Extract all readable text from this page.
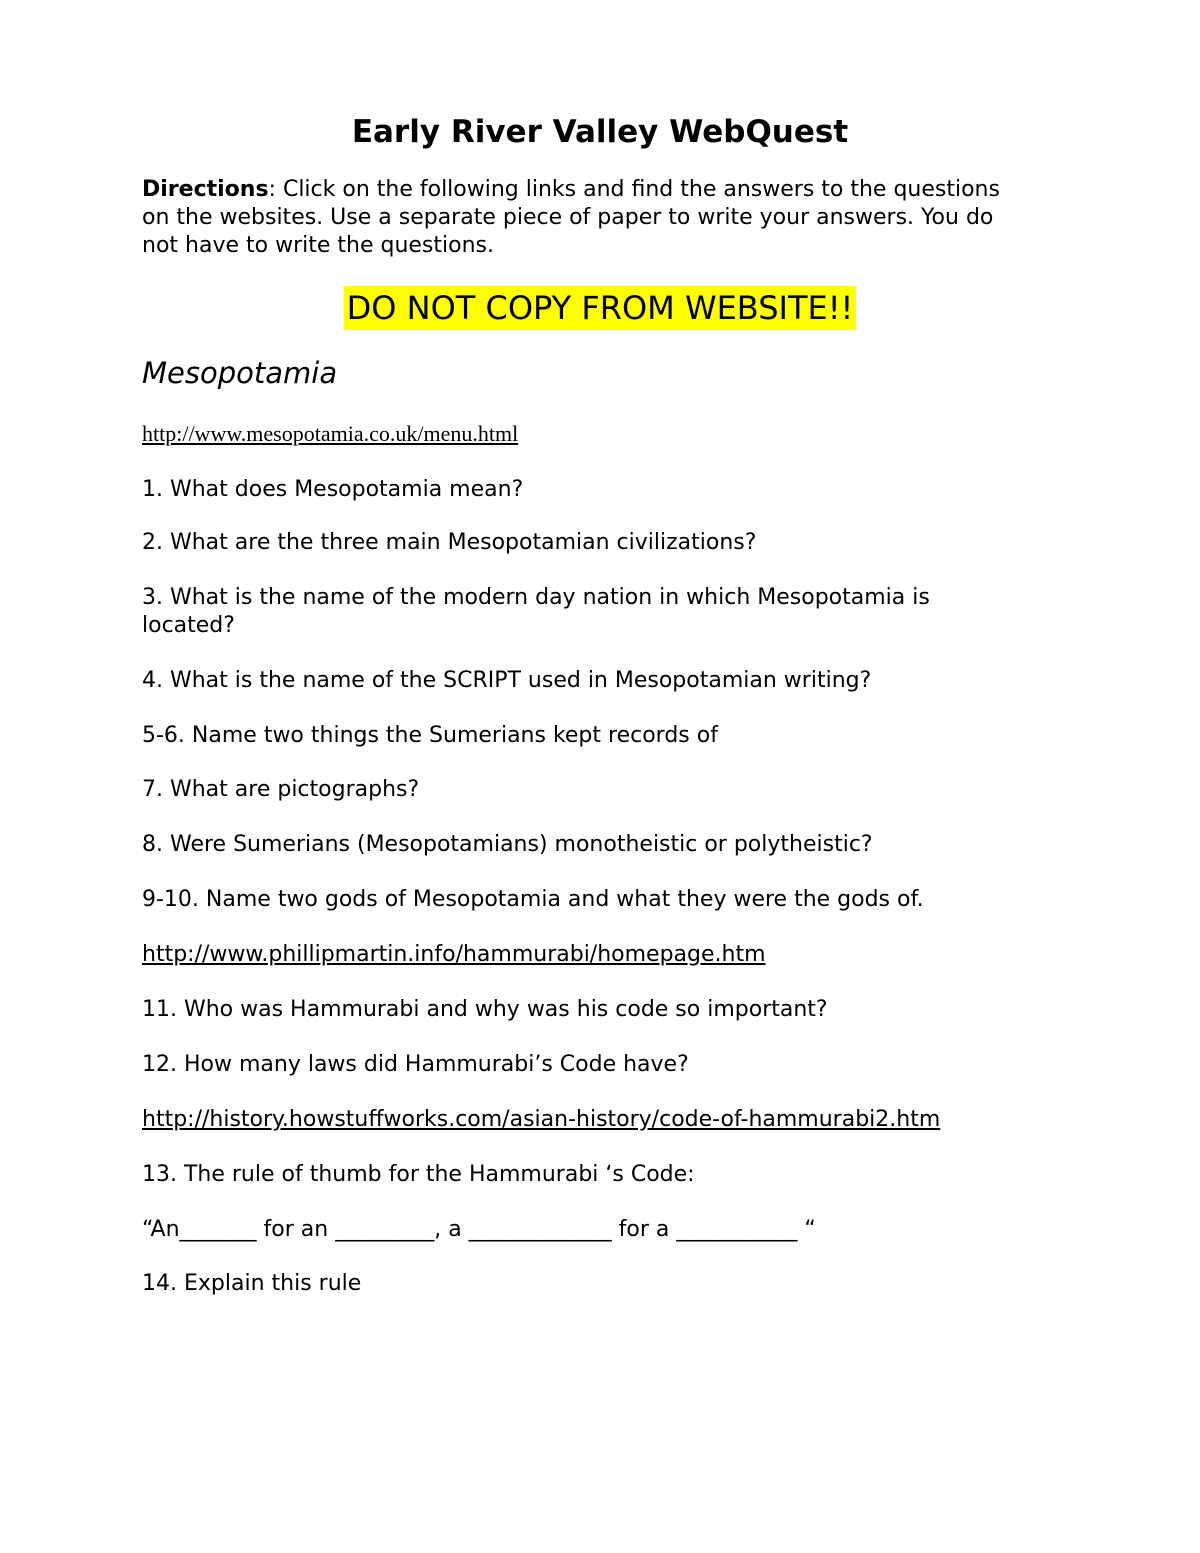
Early River Valley WebQuest

Directions: Click on the following links and find the answers to the questions on the websites. Use a separate piece of paper to write your answers. You do not have to write the questions.

DO NOT COPY FROM WEBSITE!!
Mesopotamia

http://www.mesopotamia.co.uk/menu.html

1. What does Mesopotamia mean?

2. What are the three main Mesopotamian civilizations?

3. What is the name of the modern day nation in which Mesopotamia is located?

4. What is the name of the SCRIPT used in Mesopotamian writing?

5-6. Name two things the Sumerians kept records of

7. What are pictographs?

8. Were Sumerians (Mesopotamians) monotheistic or polytheistic?

9-10. Name two gods of Mesopotamia and what they were the gods of.

http://www.phillipmartin.info/hammurabi/homepage.htm

11. Who was Hammurabi and why was his code so important?

12. How many laws did Hammurabi’s Code have?

http://history.howstuffworks.com/asian-history/code-of-hammurabi2.htm

13. The rule of thumb for the Hammurabi ‘s Code:

“An_______ for an _________, a _____________ for a ___________ “

14. Explain this rule
